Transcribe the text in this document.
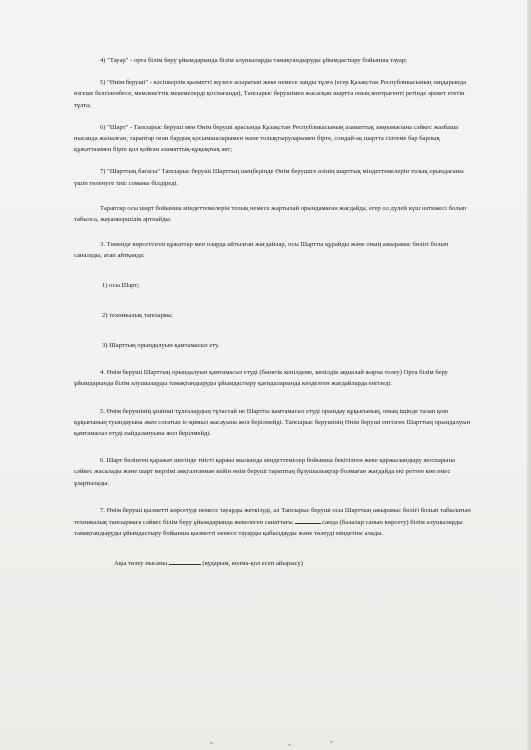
4) "Тауар" - орта білім беру ұйымдарында білім алушыларды тамақтандыруды ұйымдастыру бойынша тауар;

5) "Өнім беруші" - кәсіпкерлік қызметті жүзеге асыратын жеке немесе заңды тұлға (егер Қазақстан Республикасының заңдарында өзгеше белгіленбесе, мемлекеттік мекемелерді қоспағанда), Тапсырыс берушімен жасасқан шартта оның контрагенті ретінде әрекет ететін тұлға;

6) "Шарт" - Тапсырыс беруші мен Өнім беруші арасында Қазақстан Республикасының азаматтық заңнамасына сәйкес жазбаша нысанда жазылған, тараптар оған бардық қосымшаларымен және толықтыруларымен бірге, сондай-ақ шартта сілтеме бар барлық құжаттаммен бірге қол қойған азаматтық-құқықтық акт;

7) "Шарттың бағасы" Тапсырыс беруші Шарттың шеңберінде Өнім берушіге өзінің шарттық міндеттемелерін толық орындағаны үшін төленуге тиіс соманы білдіреді.

Тараптар осы шарт бойынша міндеттемелерін толық немесе жартылай орындамаған жағдайда, егер ол дүлей күш нәтижесі болып табылса, жауапкершілік артпайды.

3. Төменде көрсетілген құжаттар мен оларда айтылған жағдайлар, осы Шартты құрайды және оның ажырамас бөлігі болып саналады, атап айтқанда:

1) осы Шарт;

2) техникалық тапсырма;

3) Шарттың орындалуын қамтамасыз ету.

4. Өнім беруші Шарттың орындалуын қамтамасыз етуді (банктік кепілдеме, кепілдік ақшалай жарна толеу) Орта білім беру ұйымдарында білім алушыларды тамақтандыруды ұйымдастыру қағидаларында көзделген жағдайларда енгізеді.

5. Өнім берушінің ұшінші тұлғалардың тұтастай не Шартты камтамасыз етуді орындау құқығының, оның ішінде талап қою құқығының туындауына әкеп соғатын іс-қимыл жасауына жол берілмейді. Тапсырыс берушінің Өнім беруші енгізген Шарттың орындалуын қамтамасыз етуді пайдалануына жол берілмейді.

6. Шарт бөлінген қаражат шегінде тиісті қаржы жылында міндеттемелер бойынша бекітілген жеке қаржыландыру жоспарына сәйкес жасалады және шарт мерзімі аяқталғаннан кейін өнім беруші тараптың бұзушылықтар болмаған жағдайда екі реттен көп емес ұзартылады.

7. Өнім беруші қызметті көрсетуді немесе тауарды жеткізуді, ал Тапсырыс беруші осы Шарттың ажырамас бөлігі болып табылатын техникалық тапсырмаға сәйкес білім беру ұйымдарында жекелеген санаттағы	санда (балалар санын көрсету) білім алушыларды тамақтандыруды ұйымдастыру бойынша қызметті немесе тауарды қабылдауды және төлеуді міндетіне алады.

Ақы төлеу нысаны	(вударым, колма-қол есеп айырысу)
